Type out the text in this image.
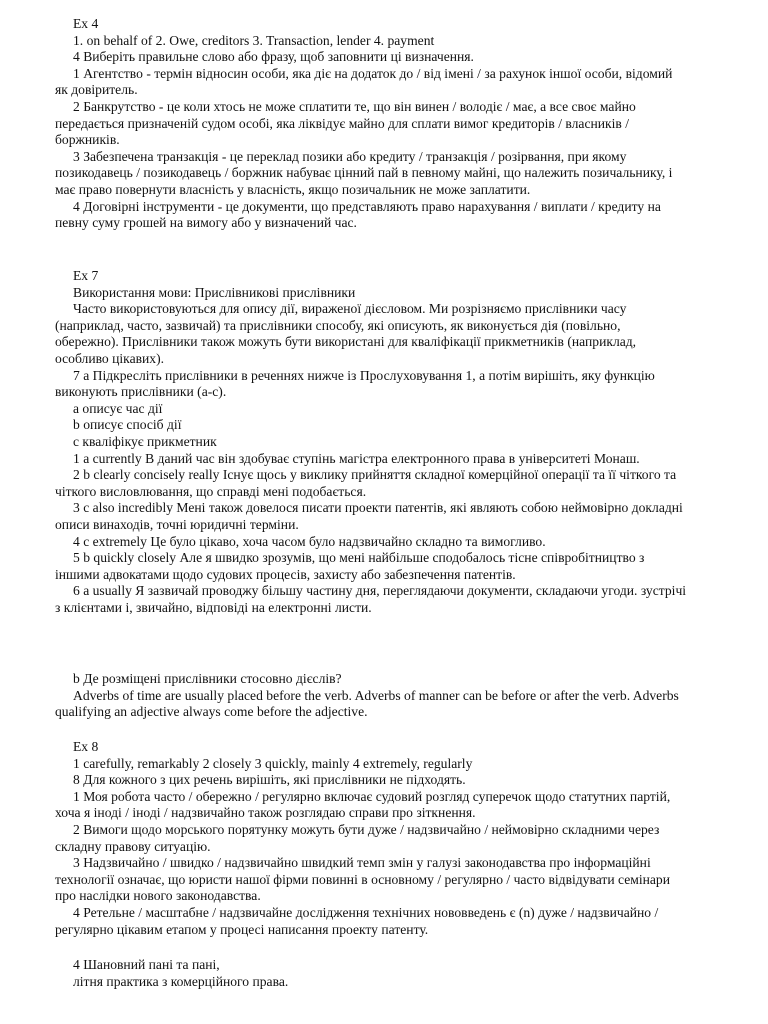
Ex 4

1. on behalf of 2. Owe, creditors 3. Transaction, lender 4. payment

4 Виберіть правильне слово або фразу, щоб заповнити ці визначення.

1 Агентство - термін відносин особи, яка діє на додаток до / від імені / за рахунок іншої особи, відомий як довіритель.

2 Банкрутство - це коли хтось не може сплатити те, що він винен / володіє / має, а все своє майно передається призначеній судом особі, яка ліквідує майно для сплати вимог кредиторів / власників / боржників.

3 Забезпечена транзакція - це переклад позики або кредиту / транзакція / розірвання, при якому позикодавець / позикодавець / боржник набуває цінний пай в певному майні, що належить позичальнику, і має право повернути власність у власність, якщо позичальник не може заплатити.

4 Договірні інструменти - це документи, що представляють право нарахування / виплати / кредиту на певну суму грошей на вимогу або у визначений час.

Ex 7

Використання мови: Прислівникові прислівники

Часто використовуються для опису дії, вираженої дієсловом. Ми розрізняємо прислівники часу (наприклад, часто, зазвичай) та прислівники способу, які описують, як виконується дія (повільно, обережно). Прислівники також можуть бути використані для кваліфікації прикметників (наприклад, особливо цікавих).

7 a Підкресліть прислівники в реченнях нижче із Прослуховування 1, а потім вирішіть, яку функцію виконують прислівники (a-c).

a описує час дії

b описує спосіб дії

c кваліфікує прикметник

1 a currently В даний час він здобуває ступінь магістра електронного права в університеті Монаш.

2 b clearly concisely really Існує щось у виклику прийняття складної комерційної операції та її чіткого та чіткого висловлювання, що справді мені подобається.

3 c also incredibly Мені також довелося писати проекти патентів, які являють собою неймовірно докладні описи винаходів, точні юридичні терміни.

4 c extremely Це було цікаво, хоча часом було надзвичайно складно та вимогливо.

5 b quickly closely Але я швидко зрозумів, що мені найбільше сподобалось тісне співробітництво з іншими адвокатами щодо судових процесів, захисту або забезпечення патентів.

6 a usually Я зазвичай проводжу більшу частину дня, переглядаючи документи, складаючи угоди. зустрічі з клієнтами і, звичайно, відповіді на електронні листи.

b Де розміщені прислівники стосовно дієслів?

Adverbs of time are usually placed before the verb. Adverbs of manner can be before or after the verb. Adverbs qualifying an adjective always come before the adjective.

Ex 8

1 carefully, remarkably 2 closely 3 quickly, mainly 4 extremely, regularly

8 Для кожного з цих речень вирішіть, які прислівники не підходять.

1 Моя робота часто / обережно / регулярно включає судовий розгляд суперечок щодо статутних партій, хоча я іноді / іноді / надзвичайно також розглядаю справи про зіткнення.

2 Вимоги щодо морського порятунку можуть бути дуже / надзвичайно / неймовірно складними через складну правову ситуацію.

3 Надзвичайно / швидко / надзвичайно швидкий темп змін у галузі законодавства про інформаційні технології означає, що юристи нашої фірми повинні в основному / регулярно / часто відвідувати семінари про наслідки нового законодавства.

4 Ретельне / масштабне / надзвичайне дослідження технічних нововведень є (n) дуже / надзвичайно / регулярно цікавим етапом у процесі написання проекту патенту.

4 Шановний пані та пані,

літня практика з комерційного права.
